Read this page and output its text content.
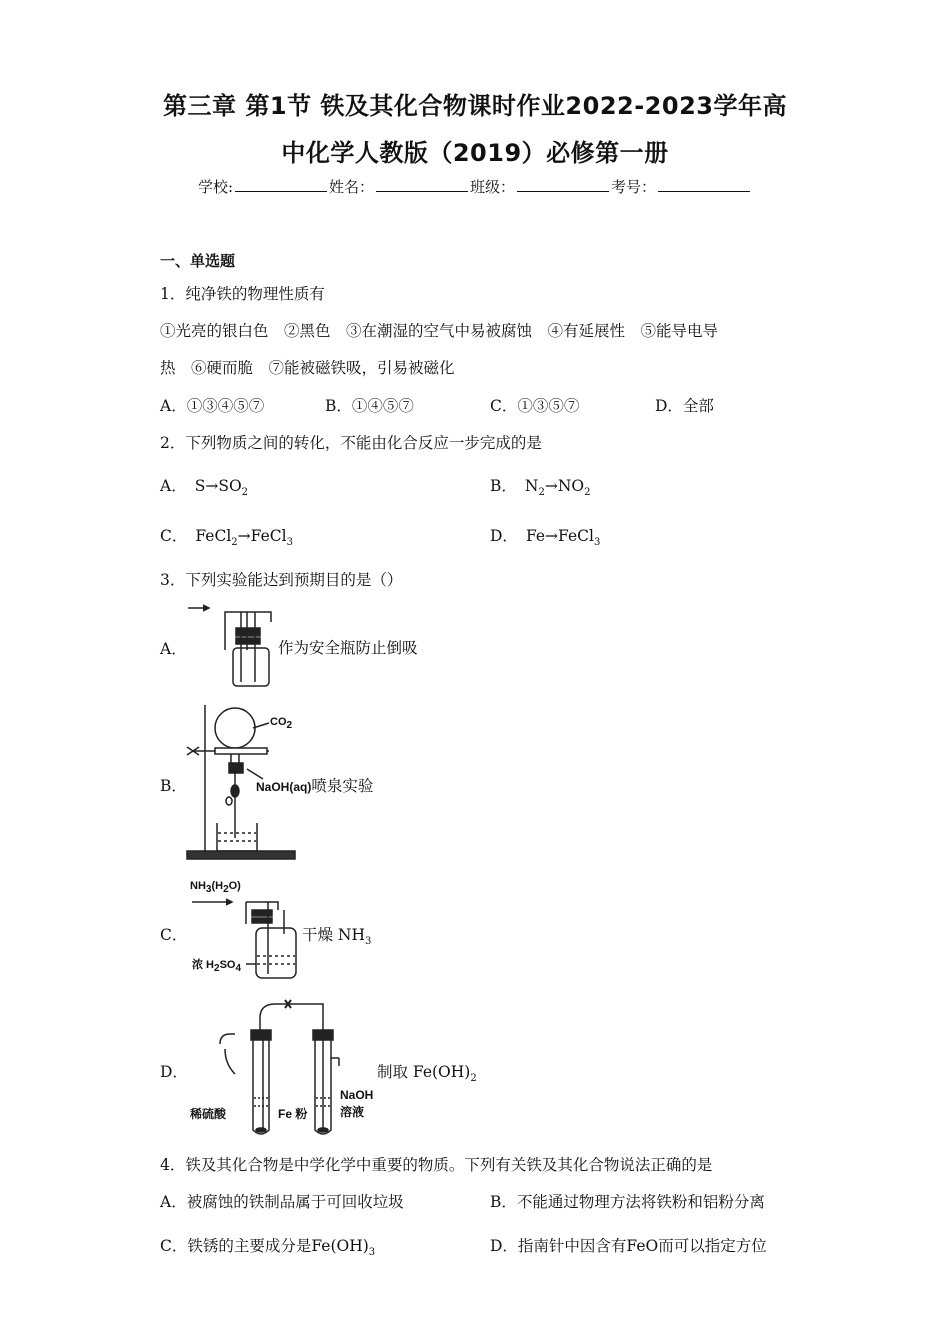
第三章 第1节 铁及其化合物课时作业2022-2023学年高
中化学人教版（2019）必修第一册
学校:	姓名：	班级：	考号：
一、单选题
1．纯净铁的物理性质有
①光亮的银白色　②黑色　③在潮湿的空气中易被腐蚀　④有延展性　⑤能导电导
热　⑥硬而脆　⑦能被磁铁吸，引易被磁化
A．①③④⑤⑦	B．①④⑤⑦	C．①③⑤⑦	D．全部
2．下列物质之间的转化，不能由化合反应一步完成的是
A． $S\to SO_2$	B． $N_2\to NO_2$
C． FeCl$_2$→FeCl$_3$	D． Fe→FeCl$_3$
3．下列实验能达到预期目的是（）
A．	作为安全瓶防止倒吸
B．
$CO_2$
NaOH(aq)喷泉实验
C．
$NH_3(H_2O)$
浓 $H_2SO_4$
干燥 $NH_3$
D．
稀硫酸	Fe 粉
NaOH
溶液
制取 $Fe(OH)_2$
4．铁及其化合物是中学化学中重要的物质。下列有关铁及其化合物说法正确的是
A．被腐蚀的铁制品属于可回收垃圾	B．不能通过物理方法将铁粉和铝粉分离
C．铁锈的主要成分是$Fe(OH)_3$	D．指南针中因含有FeO而可以指定方位
